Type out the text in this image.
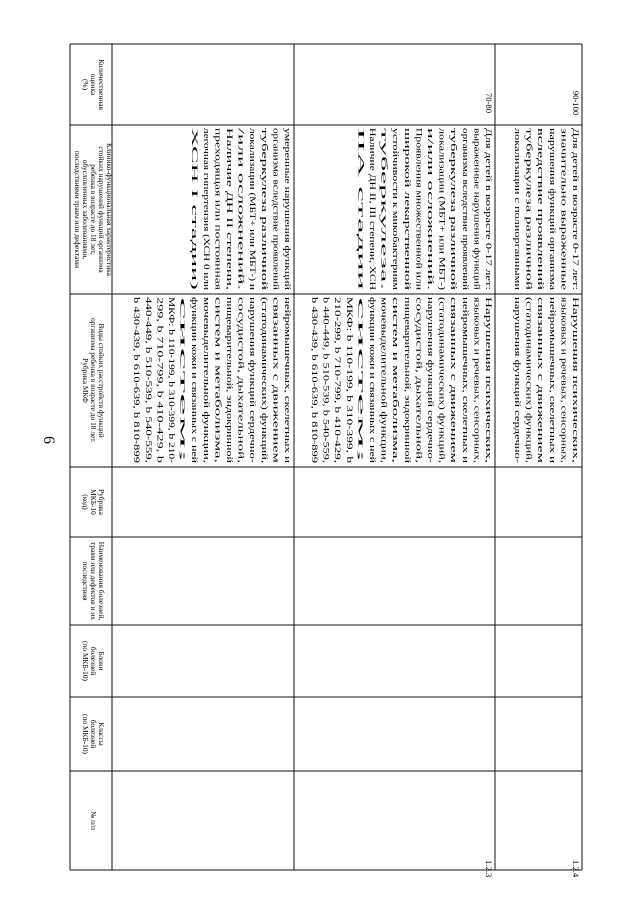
6
Количественная
оценка
(%)
Клинико-функциональная характеристика
стойких нарушений функций организма
ребенка в возрасте до 18 лет,
обусловленных заболеваниями,
последствиями травм или дефектами
Виды стойких расстройств функций
организма ребенка в возрасте до 18 лет.
Рубрика МКФ
Рубрика
МКБ-10
(код)
Наименования болезней,
травм или дефектов и их
последствия
Блоки
болезней
(по МКБ-10)
Классы
болезней
(по МКБ-10)
№ п/п
нейромышечных, скелетных и
связанных с движением
(статодинамических) функций,
нарушения функций сердечно-
сосудистой, дыхательной,
пищеварительной, эндокринной
систем и метаболизма,
мочевыделительной функции,
функции кожи и связанных с ней
систем;
МКФ: b 110-199, b 310-399, b 210-
299, b 710-799, b 410-429, b
440-449, b 510-539, b 540-559,
b 430-439, b 610-639, b 810-899
умеренные нарушения функций
организма вследствие проявлений
туберкулеза различной
локализации (МБТ+ или МБТ-) и
/или осложнений.
Наличие ДН II степени,
преходящая или постоянная
легочная гипертензия (ХСН 0 или
ХСН I стадии)
Нарушения психических,
языковых и речевых, сенсорных,
нейромышечных, скелетных и
связанных с движением
(статодинамических) функций,
нарушения функций сердечно-
сосудистой, дыхательной,
пищеварительной, эндокринной
систем и метаболизма,
мочевыделительной функции,
функции кожи и связанных с ней
систем;
МКФ: b 110-199, b 310-399, b
210-299, b 710-799, b 410-429,
b 440-449, b 510-539, b 540-559,
b 430-439, b 610-639, b 810-899
Для детей в возрасте 0-17 лет:
выраженные нарушения функций
организма вследствие проявлений
туберкулеза различной
локализации (МБТ+ или МБТ-)
и/или осложнений.
Проявления множественной или
широкой лекарственной
устойчивости к микобактериям
туберкулеза.
Наличие ДН II, III степени, ХСН
IIА стадии
1.2.3
70-80
Нарушения психических,
языковых и речевых, сенсорных,
нейромышечных, скелетных и
связанных с движением
(статодинамических) функций,
нарушения функций сердечно-
Для детей в возрасте 0-17 лет:
значительно выраженные
нарушения функций организма
вследствие проявлений
туберкулеза различной
локализации с полиорганными
1.2.4
90-100
